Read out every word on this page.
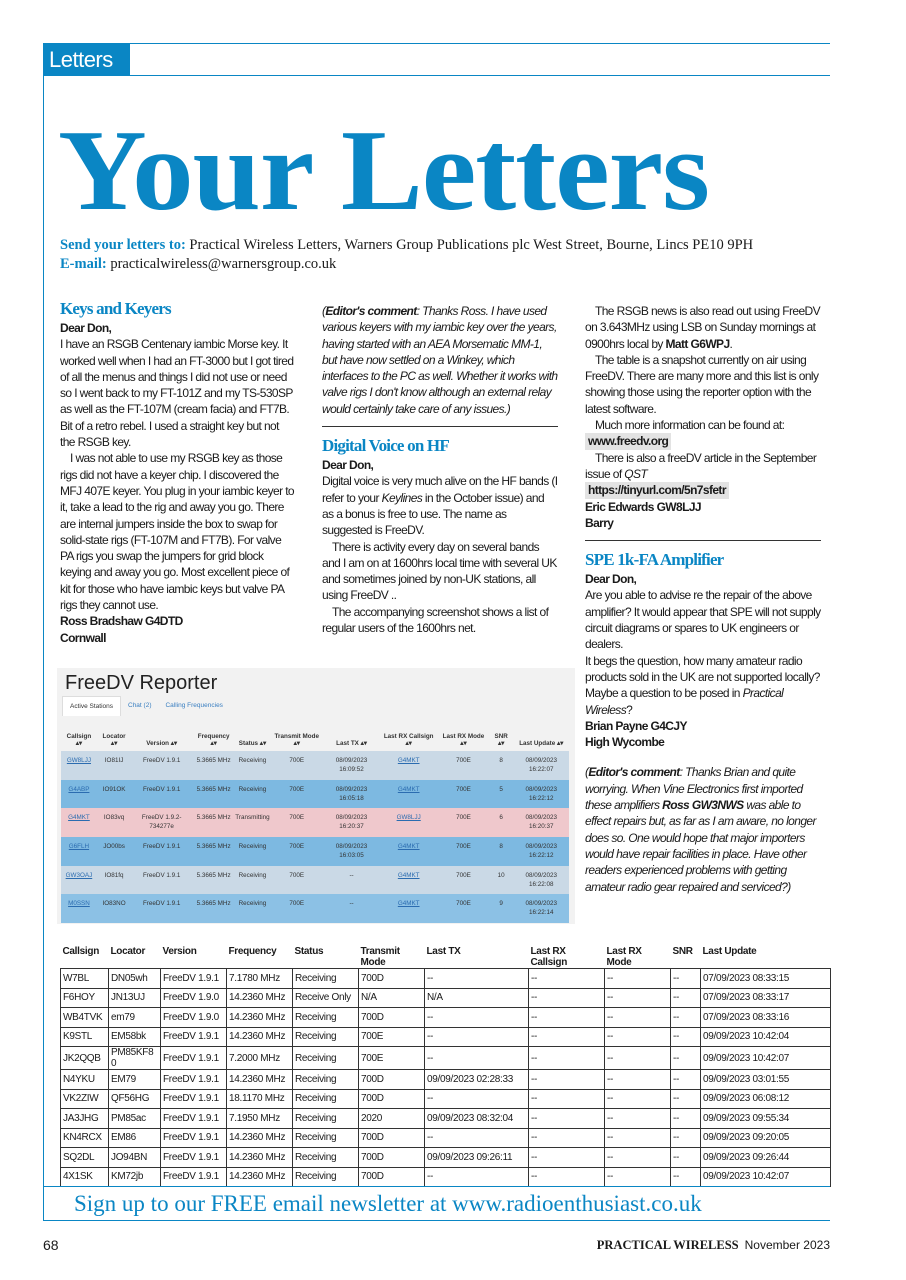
Letters
Your Letters
Send your letters to: Practical Wireless Letters, Warners Group Publications plc West Street, Bourne, Lincs PE10 9PH
E-mail: practicalwireless@warnersgroup.co.uk
Keys and Keyers

Dear Don,

I have an RSGB Centenary iambic Morse key. It worked well when I had an FT-3000 but I got tired of all the menus and things I did not use or need so I went back to my FT-101Z and my TS-530SP as well as the FT-107M (cream facia) and FT7B. Bit of a retro rebel. I used a straight key but not the RSGB key.

I was not able to use my RSGB key as those rigs did not have a keyer chip. I discovered the MFJ 407E keyer. You plug in your iambic keyer to it, take a lead to the rig and away you go. There are internal jumpers inside the box to swap for solid-state rigs (FT-107M and FT7B). For valve PA rigs you swap the jumpers for grid block keying and away you go. Most excellent piece of kit for those who have iambic keys but valve PA rigs they cannot use.

Ross Bradshaw G4DTD

Cornwall

(Editor's comment: Thanks Ross. I have used various keyers with my iambic key over the years, having started with an AEA Morsematic MM-1, but have now settled on a Winkey, which interfaces to the PC as well. Whether it works with valve rigs I don't know although an external relay would certainly take care of any issues.)

Digital Voice on HF

Dear Don,

Digital voice is very much alive on the HF bands (I refer to your Keylines in the October issue) and as a bonus is free to use. The name as suggested is FreeDV.

There is activity every day on several bands and I am on at 1600hrs local time with several UK and sometimes joined by non-UK stations, all using FreeDV ..

The accompanying screenshot shows a list of regular users of the 1600hrs net.

The RSGB news is also read out using FreeDV on 3.643MHz using LSB on Sunday mornings at 0900hrs local by Matt G6WPJ.

The table is a snapshot currently on air using FreeDV. There are many more and this list is only showing those using the reporter option with the latest software.

Much more information can be found at:

www.freedv.org

There is also a freeDV article in the September issue of QST

https://tinyurl.com/5n7sfetr

Eric Edwards GW8LJJ

Barry

SPE 1k-FA Amplifier

Dear Don,

Are you able to advise re the repair of the above amplifier? It would appear that SPE will not supply circuit diagrams or spares to UK engineers or dealers.

It begs the question, how many amateur radio products sold in the UK are not supported locally? Maybe a question to be posed in Practical Wireless?

Brian Payne G4CJY

High Wycombe

(Editor's comment: Thanks Brian and quite worrying. When Vine Electronics first imported these amplifiers Ross GW3NWS was able to effect repairs but, as far as I am aware, no longer does so. One would hope that major importers would have repair facilities in place. Have other readers experienced problems with getting amateur radio gear repaired and serviced?)

FreeDV Reporter
Active Stations	Chat (2)	Calling Frequencies
Callsign ▴▾	Locator ▴▾	Version ▴▾	Frequency ▴▾	Status ▴▾	Transmit Mode ▴▾	Last TX ▴▾	Last RX Callsign ▴▾	Last RX Mode ▴▾	SNR ▴▾	Last Update ▴▾
GW8LJJ	IO81IJ	FreeDV 1.9.1	5.3665 MHz	Receiving	700E	08/09/2023 16:09:52	G4MKT	700E	8	08/09/2023 16:22:07
G4ABP	IO91OK	FreeDV 1.9.1	5.3665 MHz	Receiving	700E	08/09/2023 16:05:18	G4MKT	700E	5	08/09/2023 16:22:12
G4MKT	IO83vq	FreeDV 1.9.2-734277e	5.3665 MHz	Transmitting	700E	08/09/2023 16:20:37	GW8LJJ	700E	6	08/09/2023 16:20:37
G6FLH	JO00bs	FreeDV 1.9.1	5.3665 MHz	Receiving	700E	08/09/2023 16:03:05	G4MKT	700E	8	08/09/2023 16:22:12
GW3OAJ	IO81fq	FreeDV 1.9.1	5.3665 MHz	Receiving	700E	--	G4MKT	700E	10	08/09/2023 16:22:08
M0SSN	IO83NO	FreeDV 1.9.1	5.3665 MHz	Receiving	700E	--	G4MKT	700E	9	08/09/2023 16:22:14
Callsign	Locator	Version	Frequency	Status	Transmit Mode	Last TX	Last RX Callsign	Last RX Mode	SNR	Last Update
W7BL	DN05wh	FreeDV 1.9.1	7.1780 MHz	Receiving	700D	--	--	--	--	07/09/2023 08:33:15
F6HOY	JN13UJ	FreeDV 1.9.0	14.2360 MHz	Receive Only	N/A	N/A	--	--	--	07/09/2023 08:33:17
WB4TVK	em79	FreeDV 1.9.0	14.2360 MHz	Receiving	700D	--	--	--	--	07/09/2023 08:33:16
K9STL	EM58bk	FreeDV 1.9.1	14.2360 MHz	Receiving	700E	--	--	--	--	09/09/2023 10:42:04
JK2QQB	PM85KF80	FreeDV 1.9.1	7.2000 MHz	Receiving	700E	--	--	--	--	09/09/2023 10:42:07
N4YKU	EM79	FreeDV 1.9.1	14.2360 MHz	Receiving	700D	09/09/2023 02:28:33	--	--	--	09/09/2023 03:01:55
VK2ZIW	QF56HG	FreeDV 1.9.1	18.1170 MHz	Receiving	700D	--	--	--	--	09/09/2023 06:08:12
JA3JHG	PM85ac	FreeDV 1.9.1	7.1950 MHz	Receiving	2020	09/09/2023 08:32:04	--	--	--	09/09/2023 09:55:34
KN4RCX	EM86	FreeDV 1.9.1	14.2360 MHz	Receiving	700D	--	--	--	--	09/09/2023 09:20:05
SQ2DL	JO94BN	FreeDV 1.9.1	14.2360 MHz	Receiving	700D	09/09/2023 09:26:11	--	--	--	09/09/2023 09:26:44
4X1SK	KM72jb	FreeDV 1.9.1	14.2360 MHz	Receiving	700D	--	--	--	--	09/09/2023 10:42:07
Sign up to our FREE email newsletter at www.radioenthusiast.co.uk
68	PRACTICAL WIRELESS November 2023
